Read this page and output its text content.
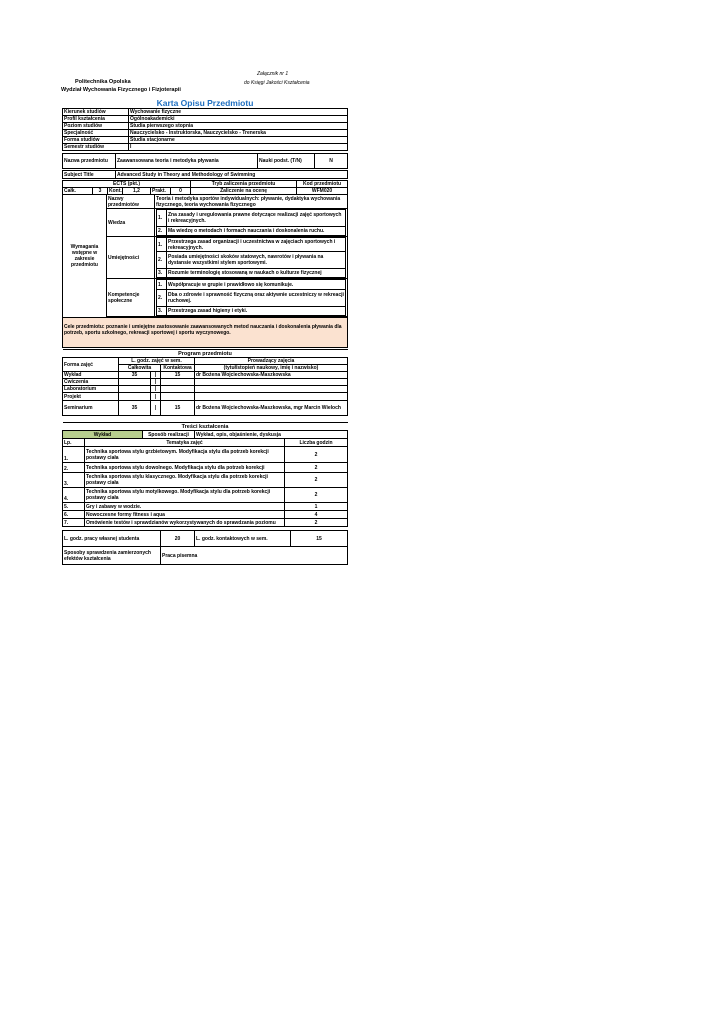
Załącznik nr 1
do Księgi Jakości Kształcenia
Politechnika Opolska
Wydział Wychowania Fizycznego i Fizjoterapii
Karta Opisu Przedmiotu
Kierunek studiów	Wychowanie fizyczne
Profil kształcenia	Ogólnoakademicki
Poziom studiów	Studia pierwszego stopnia
Specjalność	Nauczycielsko - Instruktorska, Nauczycielsko - Trenerska
Forma studiów	Studia stacjonarne
Semestr studiów	I
Nazwa przedmiotu	Zaawansowana teoria i metodyka pływania	Nauki podst. (T/N)	N
Subject Title	Advanced Study in Theory and Methodology of Swimming
ECTS (pkt.)						Tryb zaliczenia przedmiotu	Kod przedmiotu
Całk.	3	Kont.	1,2	Prakt.	0	Zaliczenie na ocenę	WFM020
Wymagania wstępne w zakresie przedmiotu	Nazwy przedmiotów	Teoria i metodyka sportów indywidualnych: pływanie, dydaktyka wychowania fizycznego, teoria wychowania fizycznego
Wiedza	
1.	Zna zasady i uregulowania prawne dotyczące realizacji zajęć sportowych i rekreacyjnych.
2.	Ma wiedzę o metodach i formach nauczania i doskonalenia ruchu.

Umiejętności	
1.	Przestrzega zasad organizacji i uczestnictwa w zajęciach sportowych i rekreacyjnych.
2.	Posiada umiejętności skoków statowych, nawrotów i pływania na dystansie wszystkimi stylem sportowymi.
3.	Rozumie terminologię stosowaną w naukach o kulturze fizycznej

Kompetencje społeczne	
1.	Współpracuje w grupie i prawidłowo się komunikuje.
2.	Dba o zdrowie i sprawność fizyczną oraz aktywnie uczestniczy w rekreacji ruchowej.
3.	Przestrzega zasad higieny i etyki.
Cele przedmiotu: poznanie i umiejętne zastosowanie zaawansowanych metod nauczania i doskonalenia pływania dla potrzeb, sportu szkolnego, rekreacji sportowej i sportu wyczynowego.
Program przedmiotu				
Forma zajęć	L. godz. zajęć w sem.			Prowadzący zajęcia
	Całkowita		Kontaktowa	(tytuł/stopień naukowy, imię i nazwisko)
Wykład	35	|	15	dr Bożena Wojciechowska-Maszkowska
Ćwiczenia		|		
Laboratorium		|		
Projekt		|		
Seminarium	35	|	15	dr Bożena Wojciechowska-Maszkowska, mgr Marcin Wieloch
Treści kształcenia
Wykład	Sposób realizacji	Wykład, opis, objaśnienie, dyskusja
Lp.	Tematyka zajęć	Liczba godzin
1.	Technika sportowa stylu grzbietowym. Modyfikacja stylu dla potrzeb korekcji postawy ciała	2
2.	Technika sportowa stylu dowolnego. Modyfikacja stylu dla potrzeb korekcji	2
3.	Technika sportowa stylu klasycznego. Modyfikacja stylu dla potrzeb korekcji postawy ciała	2
4.	Technika sportowa stylu motylkowego. Modyfikacja stylu dla potrzeb korekcji postawy ciała	2
5.	Gry i zabawy w wodzie.	1
6.	Nowoczesne formy fitness i aqua	4
7.	Omówienie testów i sprawdzianów wykorzystywanych do sprawdzania poziomu	2
L. godz. pracy własnej studenta	20	L. godz. kontaktowych w sem.	15
Sposoby sprawdzenia zamierzonych efektów kształcenia	Praca pisemna		
